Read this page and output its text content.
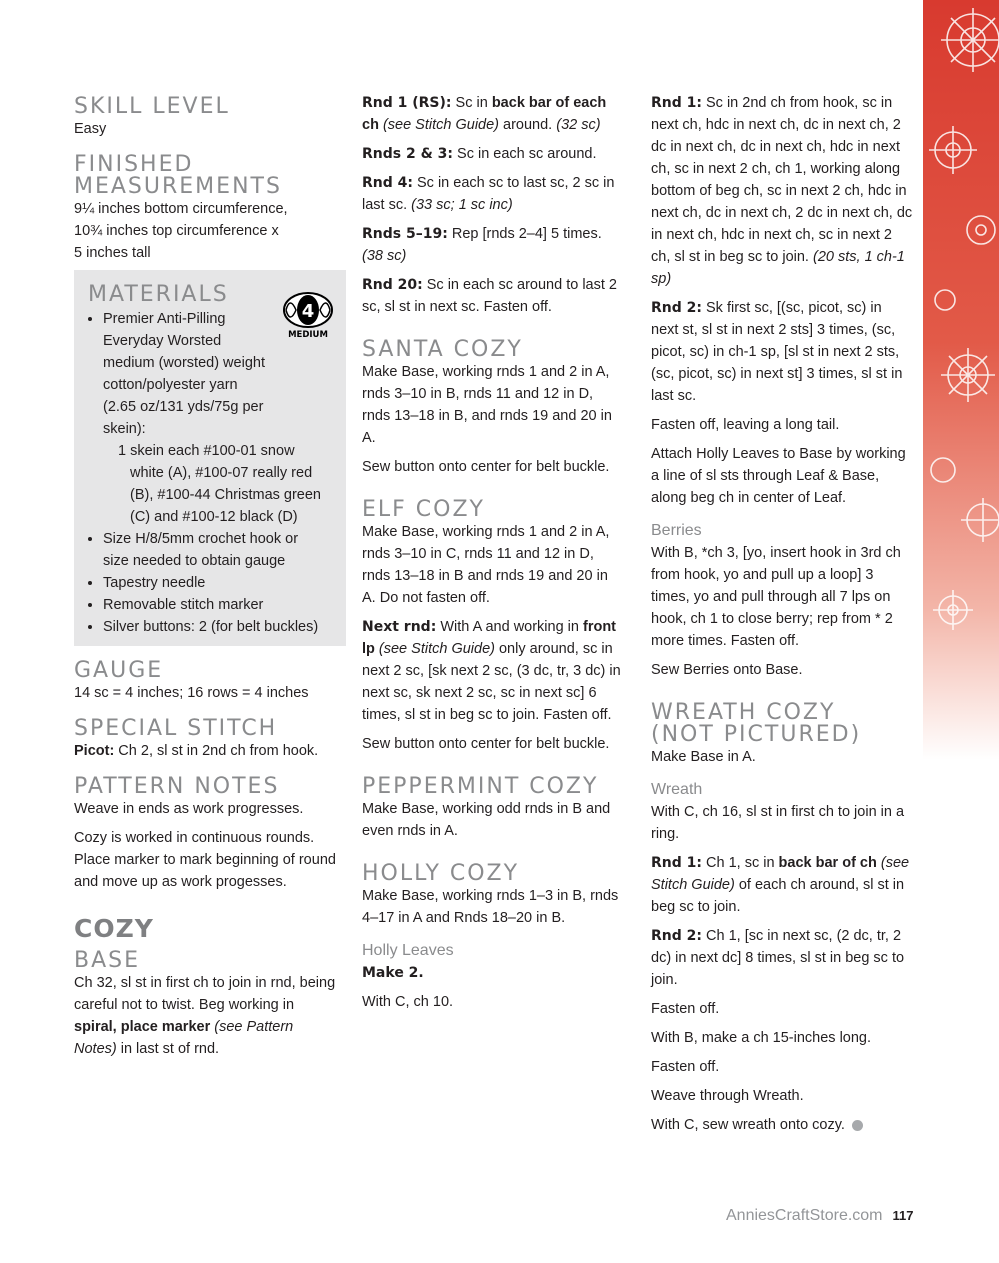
SKILL LEVEL
Easy
FINISHED
MEASUREMENTS
9¼ inches bottom circumference,
10¾ inches top circumference x
5 inches tall
MATERIALS
4
MEDIUM
• Premier Anti-Pilling Everyday Worsted medium (worsted) weight cotton/polyester yarn (2.65 oz/131 yds/75g per skein):
1 skein each #100-01 snow white (A), #100-07 really red (B), #100-44 Christmas green (C) and #100-12 black (D)
• Size H/8/5mm crochet hook or size needed to obtain gauge
• Tapestry needle
• Removable stitch marker
• Silver buttons: 2 (for belt buckles)
GAUGE
14 sc = 4 inches; 16 rows = 4 inches
SPECIAL STITCH
Picot: Ch 2, sl st in 2nd ch from hook.
PATTERN NOTES

Weave in ends as work progresses.

Cozy is worked in continuous rounds. Place marker to mark beginning of round and move up as work progesses.

COZY
BASE

Ch 32, sl st in first ch to join in rnd, being careful not to twist. Beg working in spiral, place marker (see Pattern Notes) in last st of rnd.

Rnd 1 (RS): Sc in back bar of each ch (see Stitch Guide) around. (32 sc)

Rnds 2 & 3: Sc in each sc around.

Rnd 4: Sc in each sc to last sc, 2 sc in last sc. (33 sc; 1 sc inc)

Rnds 5–19: Rep [rnds 2–4] 5 times. (38 sc)

Rnd 20: Sc in each sc around to last 2 sc, sl st in next sc. Fasten off.

SANTA COZY

Make Base, working rnds 1 and 2 in A, rnds 3–10 in B, rnds 11 and 12 in D, rnds 13–18 in B, and rnds 19 and 20 in A.

Sew button onto center for belt buckle.

ELF COZY

Make Base, working rnds 1 and 2 in A, rnds 3–10 in C, rnds 11 and 12 in D, rnds 13–18 in B and rnds 19 and 20 in A. Do not fasten off.

Next rnd: With A and working in front lp (see Stitch Guide) only around, sc in next 2 sc, [sk next 2 sc, (3 dc, tr, 3 dc) in next sc, sk next 2 sc, sc in next sc] 6 times, sl st in beg sc to join. Fasten off.

Sew button onto center for belt buckle.

PEPPERMINT COZY

Make Base, working odd rnds in B and even rnds in A.

HOLLY COZY

Make Base, working rnds 1–3 in B, rnds 4–17 in A and Rnds 18–20 in B.

Holly Leaves

Make 2.

With C, ch 10.

Rnd 1: Sc in 2nd ch from hook, sc in next ch, hdc in next ch, dc in next ch, 2 dc in next ch, dc in next ch, hdc in next ch, sc in next 2 ch, ch 1, working along bottom of beg ch, sc in next 2 ch, hdc in next ch, dc in next ch, 2 dc in next ch, dc in next ch, hdc in next ch, sc in next 2 ch, sl st in beg sc to join. (20 sts, 1 ch-1 sp)

Rnd 2: Sk first sc, [(sc, picot, sc) in next st, sl st in next 2 sts] 3 times, (sc, picot, sc) in ch-1 sp, [sl st in next 2 sts, (sc, picot, sc) in next st] 3 times, sl st in last sc.

Fasten off, leaving a long tail.

Attach Holly Leaves to Base by working a line of sl sts through Leaf & Base, along beg ch in center of Leaf.

Berries

With B, *ch 3, [yo, insert hook in 3rd ch from hook, yo and pull up a loop] 3 times, yo and pull through all 7 lps on hook, ch 1 to close berry; rep from * 2 more times. Fasten off.

Sew Berries onto Base.

WREATH COZY
(NOT PICTURED)

Make Base in A.

Wreath

With C, ch 16, sl st in first ch to join in a ring.

Rnd 1: Ch 1, sc in back bar of ch (see Stitch Guide) of each ch around, sl st in beg sc to join.

Rnd 2: Ch 1, [sc in next sc, (2 dc, tr, 2 dc) in next dc] 8 times, sl st in beg sc to join.

Fasten off.

With B, make a ch 15-inches long.

Fasten off.

Weave through Wreath.

With C, sew wreath onto cozy.

AnniesCraftStore.com 117
